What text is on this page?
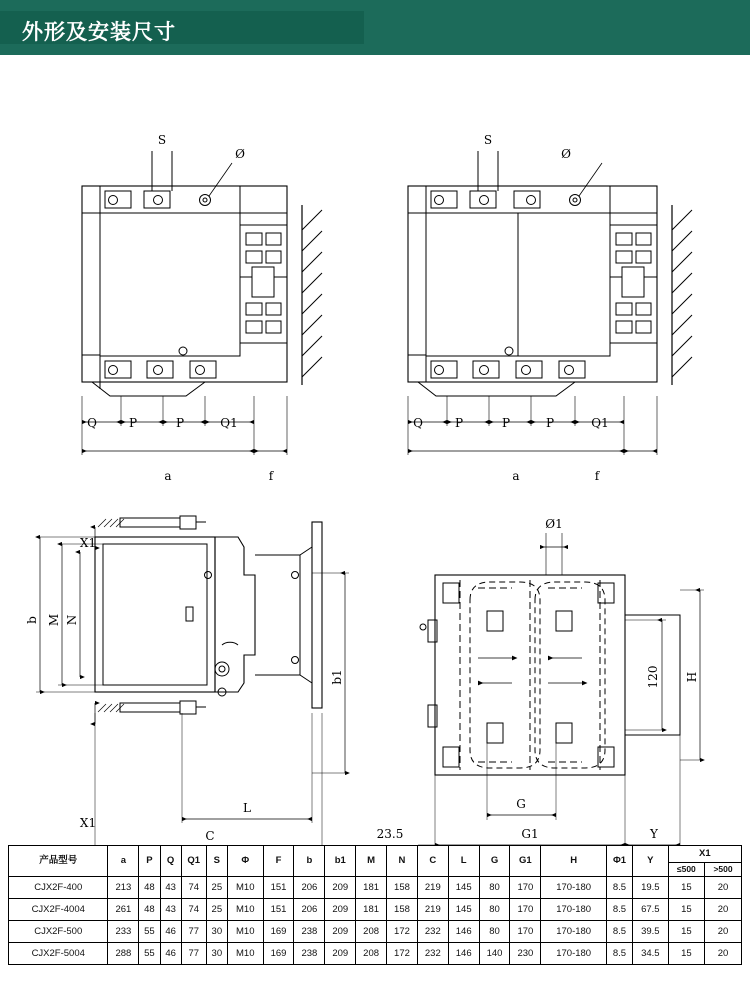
外形及安装尺寸
S
Ø
Q	P	P	Q1
a	f
S
Ø
Q	P	P	P	Q1
a	f
X1
X1
b M N
b1
L
C
Ø1
120 H
G
G1	Y
23.5
产品型号	a	P	Q	Q1	S	Φ	F	b	b1	M	N	C	L	G	G1	H	Φ1	Y	X1	
																			≤500	>500
CJX2F-400	213	48	43	74	25	M10	151	206	209	181	158	219	145	80	170	170-180	8.5	19.5	15	20
CJX2F-4004	261	48	43	74	25	M10	151	206	209	181	158	219	145	80	170	170-180	8.5	67.5	15	20
CJX2F-500	233	55	46	77	30	M10	169	238	209	208	172	232	146	80	170	170-180	8.5	39.5	15	20
CJX2F-5004	288	55	46	77	30	M10	169	238	209	208	172	232	146	140	230	170-180	8.5	34.5	15	20
